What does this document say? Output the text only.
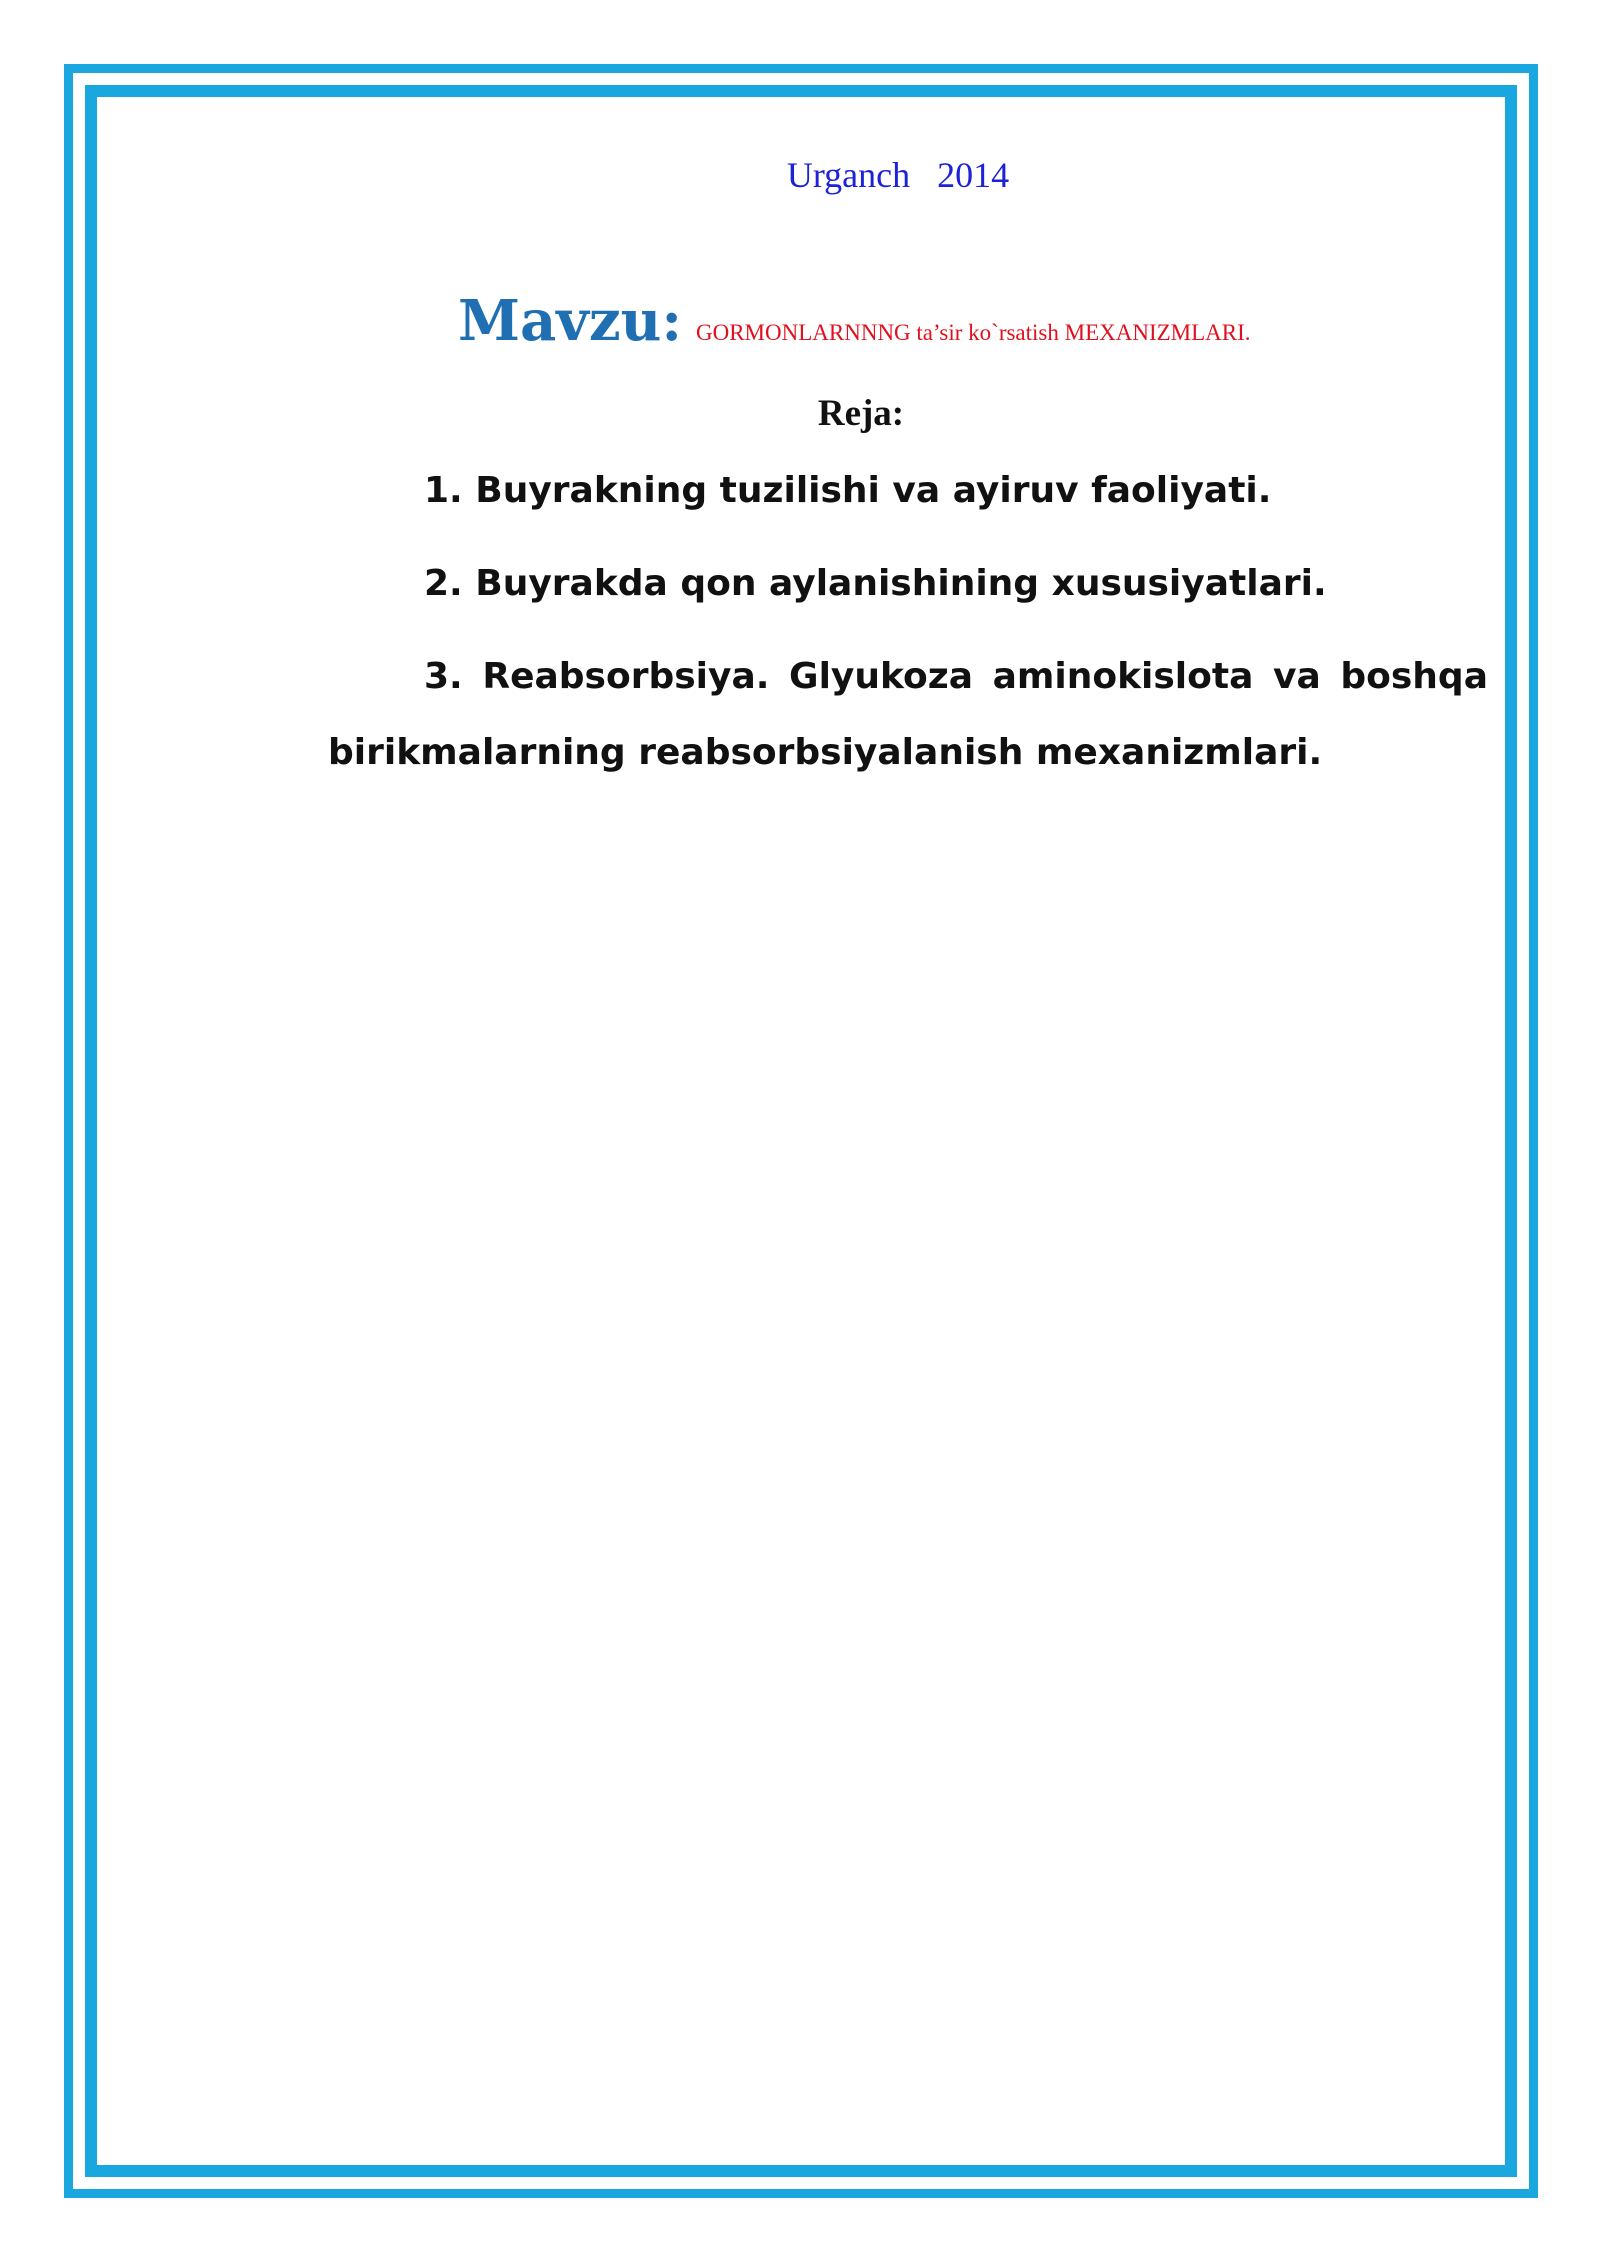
Urganch 2014
Mavzu: GORMONLARNNNG ta’sir ko`rsatish MEXANIZMLARI.
Reja:
1. Buyrakning tuzilishi va ayiruv faoliyati.
2. Buyrakda qon aylanishining xususiyatlari.
3. Reabsorbsiya. Glyukoza aminokislota va boshqa
birikmalarning reabsorbsiyalanish mexanizmlari.
